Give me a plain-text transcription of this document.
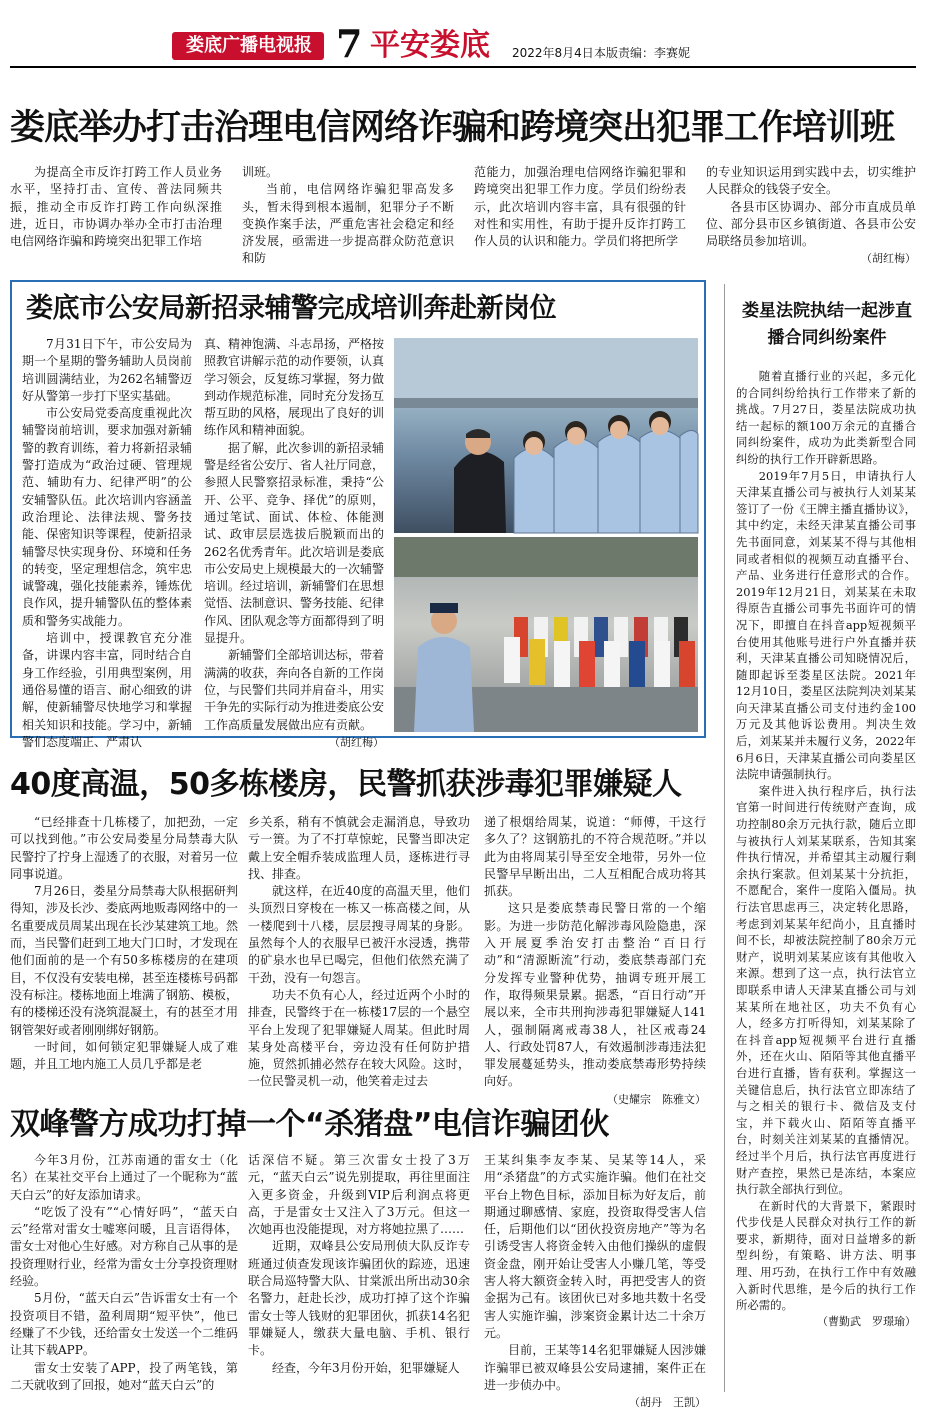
娄底广播电视报 7 平安娄底 2022年8月4日 本版责编：李赛妮
娄底举办打击治理电信网络诈骗和跨境突出犯罪工作培训班

为提高全市反诈打跨工作人员业务水平，坚持打击、宣传、普法同频共振，推动全市反诈打跨工作向纵深推进，近日，市协调办举办全市打击治理电信网络诈骗和跨境突出犯罪工作培

训班。

当前，电信网络诈骗犯罪高发多头，暂未得到根本遏制，犯罪分子不断变换作案手法，严重危害社会稳定和经济发展，亟需进一步提高群众防范意识和防

范能力，加强治理电信网络诈骗犯罪和跨境突出犯罪工作力度。学员们纷纷表示，此次培训内容丰富，具有很强的针对性和实用性，有助于提升反诈打跨工作人员的认识和能力。学员们将把所学

的专业知识运用到实践中去，切实维护人民群众的钱袋子安全。

各县市区协调办、部分市直成员单位、部分县市区乡镇街道、各县市公安局联络员参加培训。

（胡红梅）
娄底市公安局新招录辅警完成培训奔赴新岗位

7月31日下午，市公安局为期一个星期的警务辅助人员岗前培训圆满结业，为262名辅警迈好从警第一步打下坚实基础。

市公安局党委高度重视此次辅警岗前培训，要求加强对新辅警的教育训练，着力将新招录辅警打造成为“政治过硬、管理规范、辅助有力、纪律严明”的公安辅警队伍。此次培训内容涵盖政治理论、法律法规、警务技能、保密知识等课程，使新招录辅警尽快实现身份、环境和任务的转变，坚定理想信念，筑牢忠诚警魂，强化技能素养，锤炼优良作风，提升辅警队伍的整体素质和警务实战能力。

培训中，授课教官充分准备，讲课内容丰富，同时结合自身工作经验，引用典型案例，用通俗易懂的语言、耐心细致的讲解，使新辅警尽快地学习和掌握相关知识和技能。学习中，新辅警们态度端正、严肃认

真、精神饱满、斗志昂扬，严格按照教官讲解示范的动作要领，认真学习领会，反复练习掌握，努力做到动作规范标准，同时充分发扬互帮互助的风格，展现出了良好的训练作风和精神面貌。

据了解，此次参训的新招录辅警是经省公安厅、省人社厅同意，参照人民警察招录标准，秉持“公开、公平、竞争、择优”的原则，通过笔试、面试、体检、体能测试、政审层层选拔后脱颖而出的262名优秀青年。此次培训是娄底市公安局史上规模最大的一次辅警培训。经过培训，新辅警们在思想觉悟、法制意识、警务技能、纪律作风、团队观念等方面都得到了明显提升。

新辅警们全部培训达标，带着满满的收获，奔向各自新的工作岗位，与民警们共同并肩奋斗，用实干争先的实际行动为推进娄底公安工作高质量发展做出应有贡献。

（胡红梅）
40度高温，50多栋楼房，民警抓获涉毒犯罪嫌疑人

“已经排查十几栋楼了，加把劲，一定可以找到他。”市公安局娄星分局禁毒大队民警拧了拧身上湿透了的衣服，对着另一位同事说道。

7月26日，娄星分局禁毒大队根据研判得知，涉及长沙、娄底两地贩毒网络中的一名重要成员周某出现在长沙某建筑工地。然而，当民警们赶到工地大门口时，才发现在他们面前的是一个有50多栋楼房的在建项目，不仅没有安装电梯，甚至连楼栋号码都没有标注。楼栋地面上堆满了钢筋、模板，有的楼梯还没有浇筑混凝土，有的甚至才用钢管架好或者刚刚绑好钢筋。

一时间，如何锁定犯罪嫌疑人成了难题，并且工地内施工人员几乎都是老

乡关系，稍有不慎就会走漏消息，导致功亏一篑。为了不打草惊蛇，民警当即决定戴上安全帽乔装成监理人员，逐栋进行寻找、排查。

就这样，在近40度的高温天里，他们头顶烈日穿梭在一栋又一栋高楼之间，从一楼爬到十八楼，层层搜寻周某的身影。虽然每个人的衣服早已被汗水浸透，携带的矿泉水也早已喝完，但他们依然充满了干劲，没有一句怨言。

功夫不负有心人，经过近两个小时的排查，民警终于在一栋楼17层的一个悬空平台上发现了犯罪嫌疑人周某。但此时周某身处高楼平台，旁边没有任何防护措施，贸然抓捕必然存在较大风险。这时，一位民警灵机一动，他笑着走过去

递了根烟给周某，说道：“师傅，干这行多久了？这钢筋扎的不符合规范呀。”并以此为由将周某引导至安全地带，另外一位民警早早断出出，二人互相配合成功将其抓获。

这只是娄底禁毒民警日常的一个缩影。为进一步防范化解涉毒风险隐患，深入开展夏季治安打击整治“百日行动”和“清源断流”行动，娄底禁毒部门充分发挥专业警种优势，抽调专班开展工作，取得频果景累。据悉，“百日行动”开展以来，全市共刑拘涉毒犯罪嫌疑人141人，强制隔离戒毒38人，社区戒毒24人、行政处罚87人，有效遏制涉毒违法犯罪发展蔓延势头，推动娄底禁毒形势持续向好。

（史耀宗　陈雅文）
双峰警方成功打掉一个“杀猪盘”电信诈骗团伙

今年3月份，江苏南通的雷女士（化名）在某社交平台上通过了一个昵称为“蓝天白云”的好友添加请求。

“吃饭了没有”“心情好吗”，“蓝天白云”经常对雷女士嘘寒问暖，且言语得体，雷女士对他心生好感。对方称自己从事的是投资理财行业，经常为雷女士分享投资理财经验。

5月份，“蓝天白云”告诉雷女士有一个投资项目不错，盈利周期“短平快”，他已经赚了不少钱，还给雷女士发送一个二维码让其下载APP。

雷女士安装了APP，投了两笔钱，第二天就收到了回报，她对“蓝天白云”的

话深信不疑。第三次雷女士投了3万元，“蓝天白云”说先别提取，再往里面注入更多资金，升级到VIP后利润点将更高，于是雷女士又注入了3万元。但这一次她再也没能提现，对方将她拉黑了……

近期，双峰县公安局刑侦大队反诈专班通过侦查发现该诈骗团伙的踪迹，迅速联合局巡特警大队、甘棠派出所出动30余名警力，赶赴长沙，成功打掉了这个诈骗雷女士等人钱财的犯罪团伙，抓获14名犯罪嫌疑人，缴获大量电脑、手机、银行卡。

经查，今年3月份开始，犯罪嫌疑人

王某纠集李友李某、吴某等14人，采用“杀猪盘”的方式实施诈骗。他们在社交平台上物色目标，添加目标为好友后，前期通过聊感情、家庭，投资取得受害人信任，后期他们以“团伙投资房地产”等为名引诱受害人将资金转入由他们操纵的虚假资金盘，刚开始让受害人小赚几笔，等受害人将大额资金转入时，再把受害人的资金据为己有。该团伙已对多地共数十名受害人实施诈骗，涉案资金累计达二十余万元。

目前，王某等14名犯罪嫌疑人因涉嫌诈骗罪已被双峰县公安局逮捕，案件正在进一步侦办中。

（胡丹　王凯）
娄星法院执结一起涉直播合同纠纷案件

随着直播行业的兴起，多元化的合同纠纷给执行工作带来了新的挑战。7月27日，娄星法院成功执结一起标的额100万余元的直播合同纠纷案件，成功为此类新型合同纠纷的执行工作开辟新思路。

2019年7月5日，申请执行人天津某直播公司与被执行人刘某某签订了一份《王牌主播直播协议》，其中约定，未经天津某直播公司事先书面同意，刘某某不得与其他相同或者相似的视频互动直播平台、产品、业务进行任意形式的合作。2019年12月21日，刘某某在未取得原告直播公司事先书面许可的情况下，即擅自在抖音app短视频平台使用其他账号进行户外直播并获利，天津某直播公司知晓情况后，随即起诉至娄星区法院。2021年12月10日，娄星区法院判决刘某某向天津某直播公司支付违约金100万元及其他诉讼费用。判决生效后，刘某某并未履行义务，2022年6月6日，天津某直播公司向娄星区法院申请强制执行。

案件进入执行程序后，执行法官第一时间进行传统财产查询，成功控制80余万元执行款，随后立即与被执行人刘某某联系，告知其案件执行情况，并希望其主动履行剩余执行案款。但刘某某十分抗拒，不愿配合，案件一度陷入僵局。执行法官思虑再三，决定转化思路，考虑到刘某某年纪尚小，且直播时间不长，却被法院控制了80余万元财产，说明刘某某应该有其他收入来源。想到了这一点，执行法官立即联系申请人天津某直播公司与刘某某所在地社区，功夫不负有心人，经多方打听得知，刘某某除了在抖音app短视频平台进行直播外，还在火山、陌陌等其他直播平台进行直播，皆有获利。掌握这一关键信息后，执行法官立即冻结了与之相关的银行卡、微信及支付宝，并下载火山、陌陌等直播平台，时刻关注刘某某的直播情况。经过半个月后，执行法官再度进行财产查控，果然已是冻结，本案应执行款全部执行到位。

在新时代的大背景下，紧跟时代步伐是人民群众对执行工作的新要求，新期待，面对日益增多的新型纠纷，有策略、讲方法、明事理、用巧劲，在执行工作中有效融入新时代思维，是今后的执行工作所必需的。

（曹勤武　罗璟瑜）
